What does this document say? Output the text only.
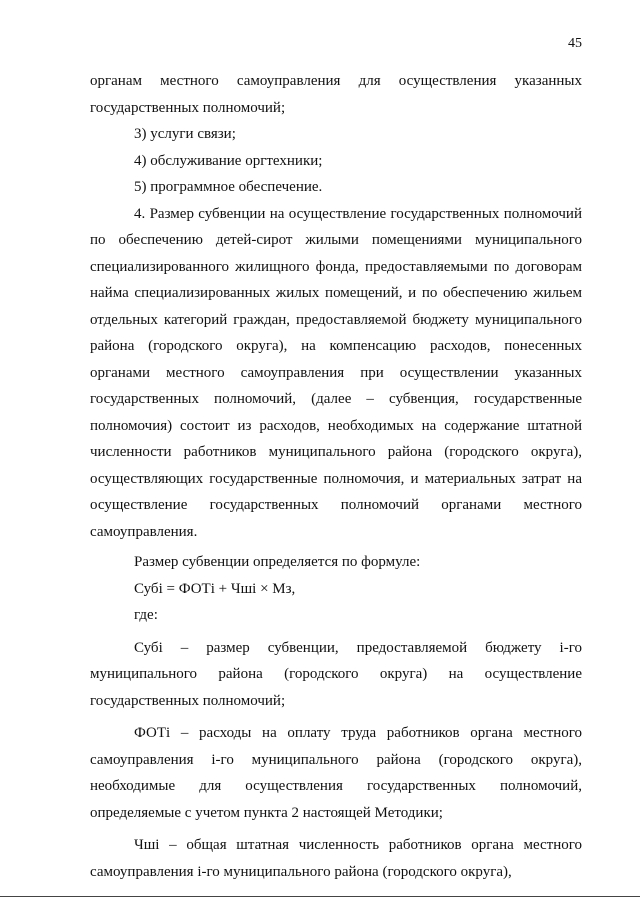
45

органам местного самоуправления для осуществления указанных государственных полномочий;

3) услуги связи;

4) обслуживание оргтехники;

5) программное обеспечение.

4. Размер субвенции на осуществление государственных полномочий по обеспечению детей-сирот жилыми помещениями муниципального специализированного жилищного фонда, предоставляемыми по договорам найма специализированных жилых помещений, и по обеспечению жильем отдельных категорий граждан, предоставляемой бюджету муниципального района (городского округа), на компенсацию расходов, понесенных органами местного самоуправления при осуществлении указанных государственных полномочий, (далее – субвенция, государственные полномочия) состоит из расходов, необходимых на содержание штатной численности работников муниципального района (городского округа), осуществляющих государственные полномочия, и материальных затрат на осуществление государственных полномочий органами местного самоуправления.

Размер субвенции определяется по формуле:

Субі = ФОТі + Чші × Мз,

где:

Субі – размер субвенции, предоставляемой бюджету і-го муниципального района (городского округа) на осуществление государственных полномочий;

ФОТі – расходы на оплату труда работников органа местного самоуправления і-го муниципального района (городского округа), необходимые для осуществления государственных полномочий, определяемые с учетом пункта 2 настоящей Методики;

Чші – общая штатная численность работников органа местного самоуправления і-го муниципального района (городского округа),
